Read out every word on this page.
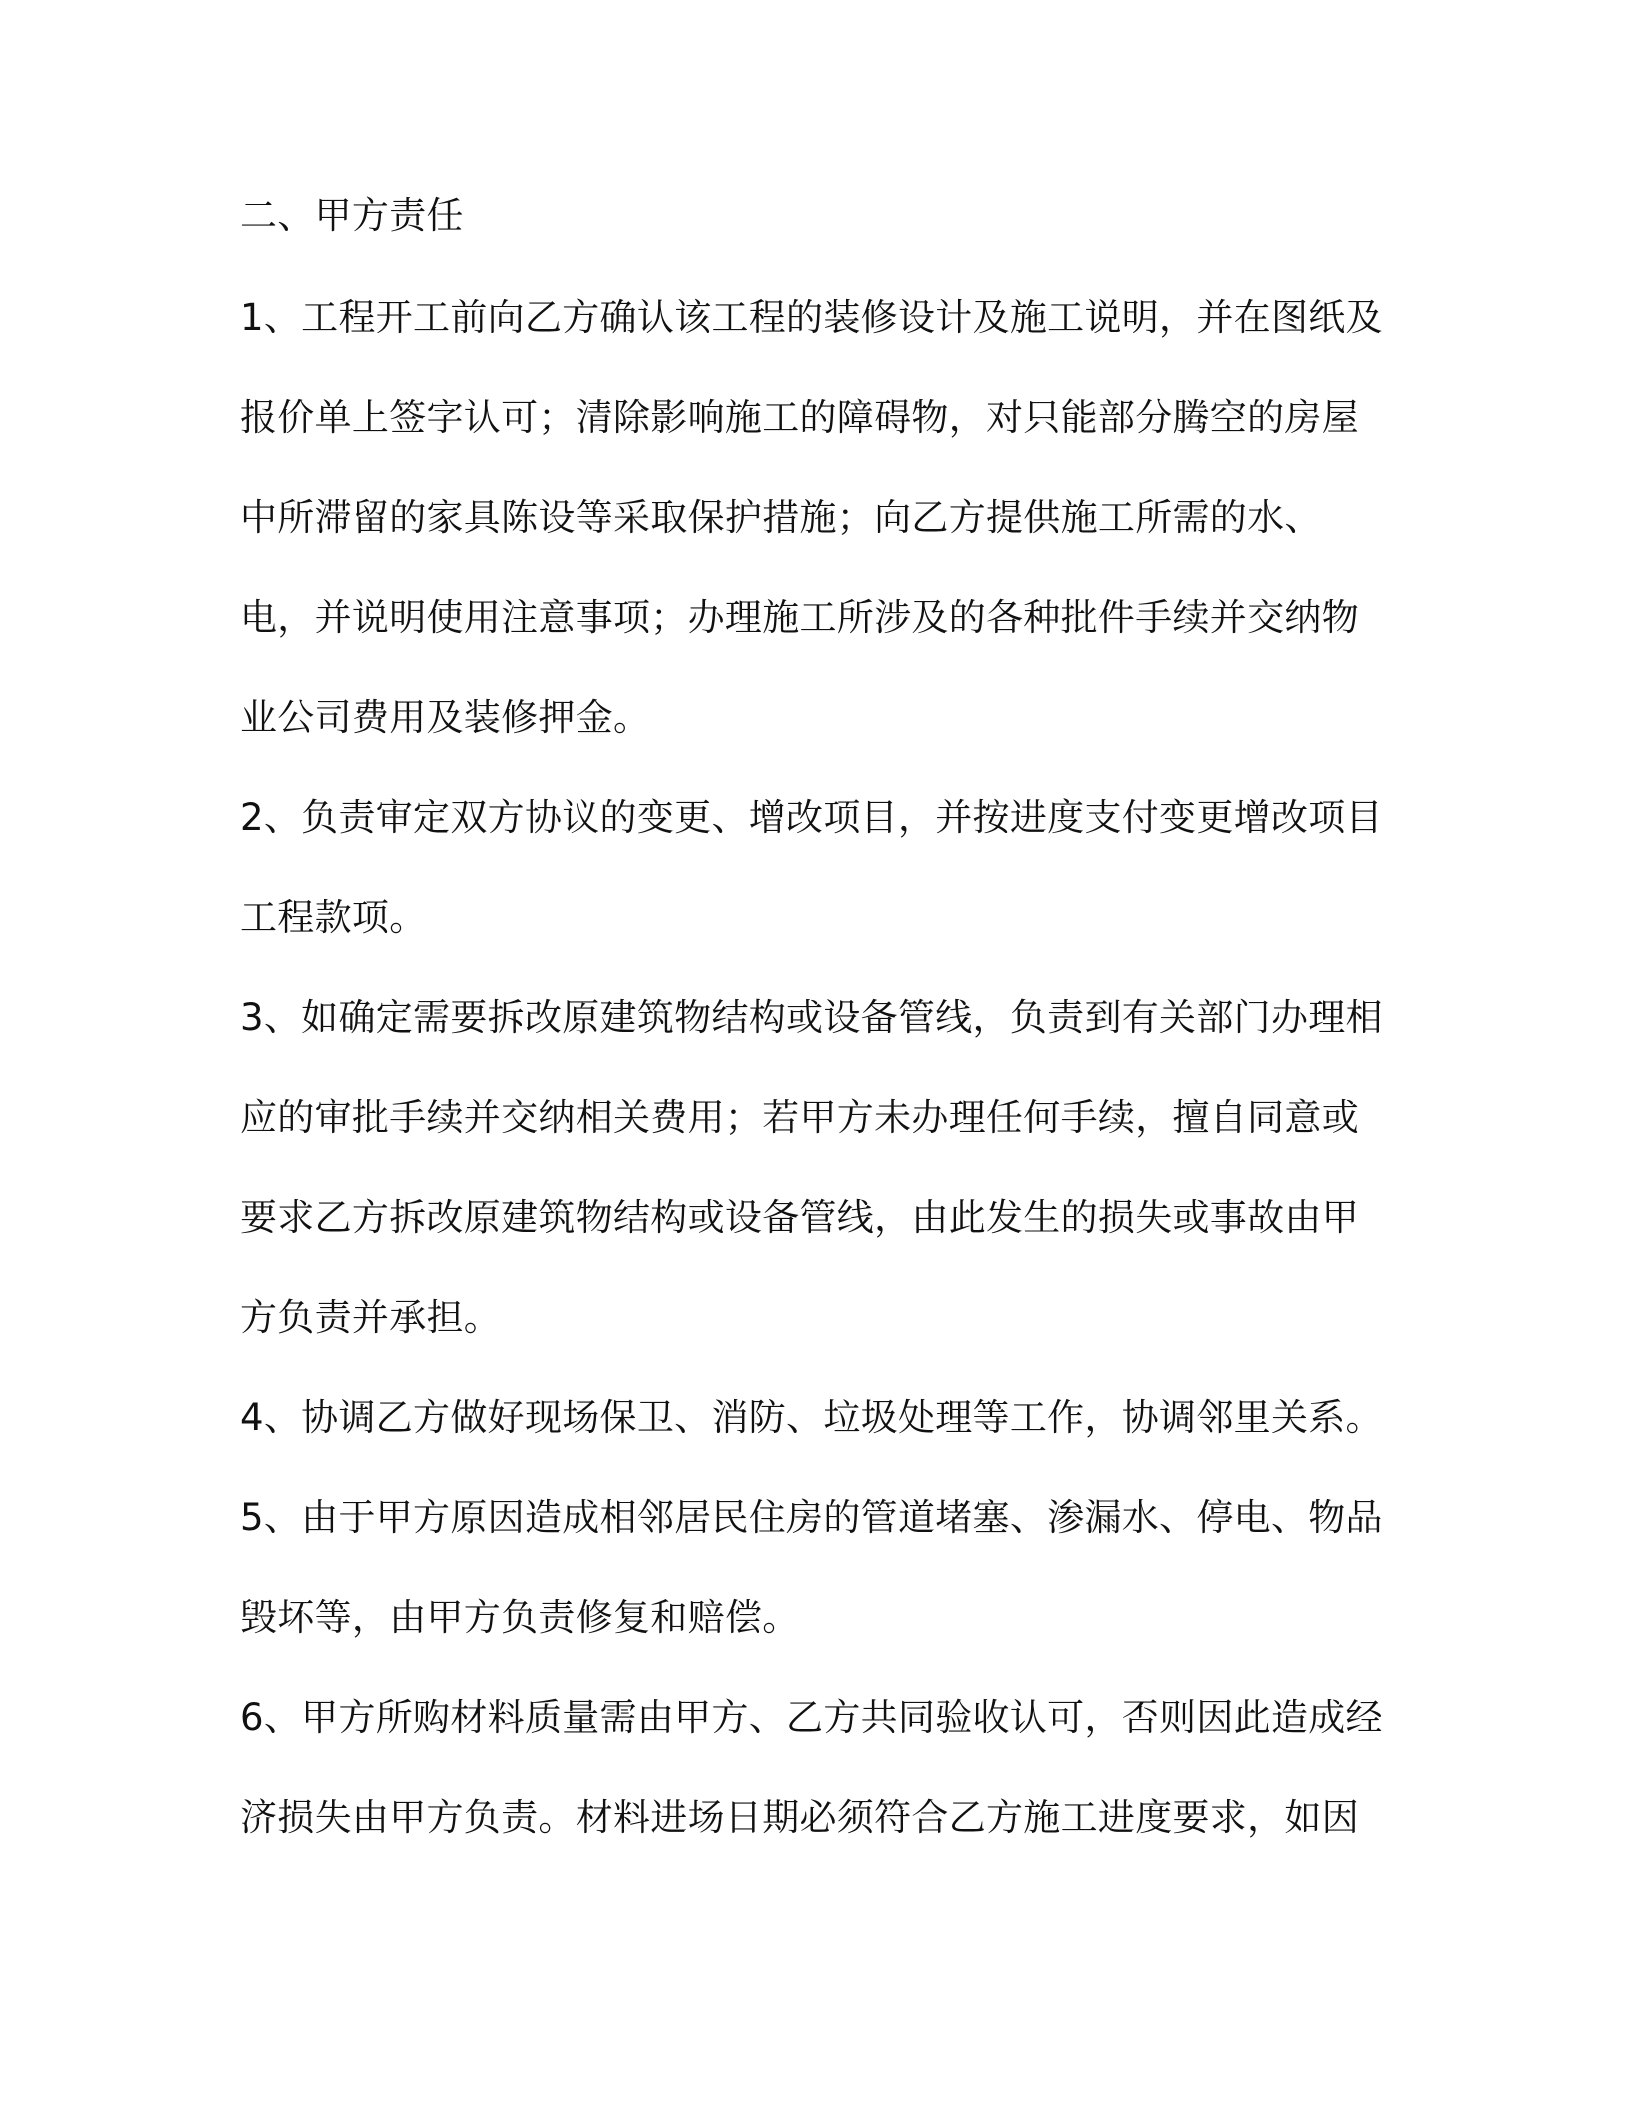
二、甲方责任

1、工程开工前向乙方确认该工程的装修设计及施工说明，并在图纸及

报价单上签字认可；清除影响施工的障碍物，对只能部分腾空的房屋

中所滞留的家具陈设等采取保护措施；向乙方提供施工所需的水、

电，并说明使用注意事项；办理施工所涉及的各种批件手续并交纳物

业公司费用及装修押金。

2、负责审定双方协议的变更、增改项目，并按进度支付变更增改项目

工程款项。

3、如确定需要拆改原建筑物结构或设备管线，负责到有关部门办理相

应的审批手续并交纳相关费用；若甲方未办理任何手续，擅自同意或

要求乙方拆改原建筑物结构或设备管线，由此发生的损失或事故由甲

方负责并承担。

4、协调乙方做好现场保卫、消防、垃圾处理等工作，协调邻里关系。

5、由于甲方原因造成相邻居民住房的管道堵塞、渗漏水、停电、物品

毁坏等，由甲方负责修复和赔偿。

6、甲方所购材料质量需由甲方、乙方共同验收认可，否则因此造成经

济损失由甲方负责。材料进场日期必须符合乙方施工进度要求，如因
